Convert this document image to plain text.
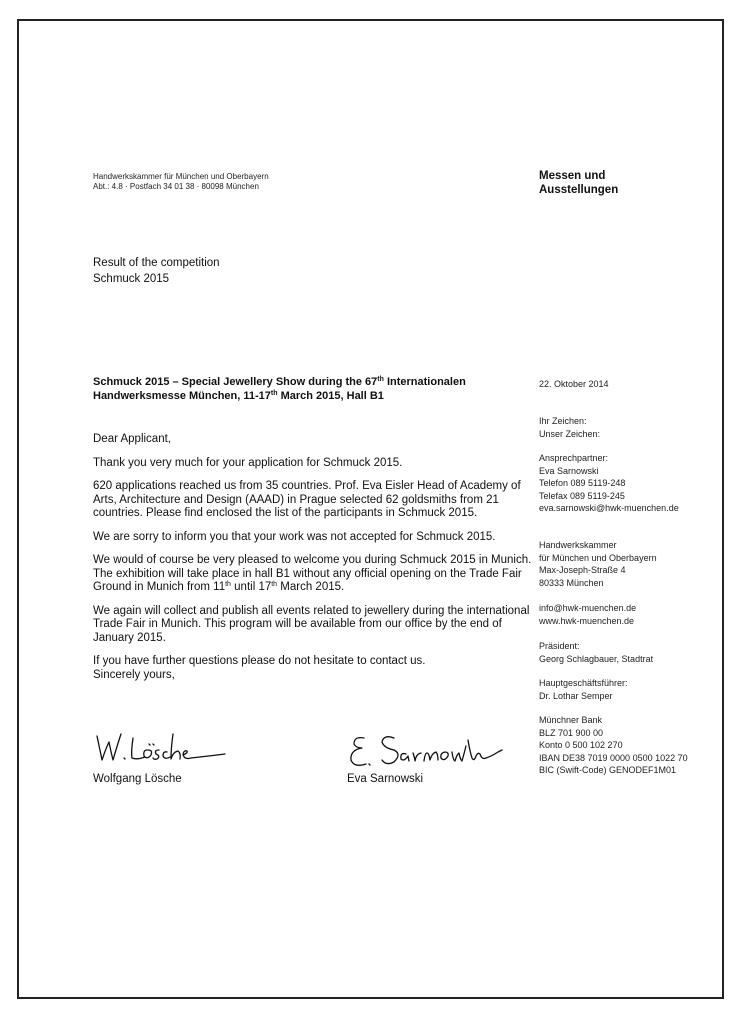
Handwerkskammer für München und Oberbayern
Abt.: 4.8 · Postfach 34 01 38 · 80098 München
Messen und
Ausstellungen
Result of the competition
Schmuck 2015
Schmuck 2015 – Special Jewellery Show during the 67th Internationalen Handwerksmesse München, 11-17th March 2015, Hall B1

Dear Applicant,

Thank you very much for your application for Schmuck 2015.

620 applications reached us from 35 countries. Prof. Eva Eisler Head of Academy of Arts, Architecture and Design (AAAD) in Prague selected 62 goldsmiths from 21 countries. Please find enclosed the list of the participants in Schmuck 2015.

We are sorry to inform you that your work was not accepted for Schmuck 2015.

We would of course be very pleased to welcome you during Schmuck 2015 in Munich. The exhibition will take place in hall B1 without any official opening on the Trade Fair Ground in Munich from 11th until 17th March 2015.

We again will collect and publish all events related to jewellery during the international Trade Fair in Munich. This program will be available from our office by the end of January 2015.

If you have further questions please do not hesitate to contact us.
Sincerely yours,

Wolfgang Lösche	Eva Sarnowski
22. Oktober 2014
Ihr Zeichen:
Unser Zeichen:
Ansprechpartner:
Eva Sarnowski
Telefon 089 5119-248
Telefax 089 5119-245
eva.sarnowski@hwk-muenchen.de
Handwerkskammer
für München und Oberbayern
Max-Joseph-Straße 4
80333 München
info@hwk-muenchen.de
www.hwk-muenchen.de
Präsident:
Georg Schlagbauer, Stadtrat
Hauptgeschäftsführer:
Dr. Lothar Semper
Münchner Bank
BLZ 701 900 00
Konto 0 500 102 270
IBAN DE38 7019 0000 0500 1022 70
BIC (Swift-Code) GENODEF1M01
